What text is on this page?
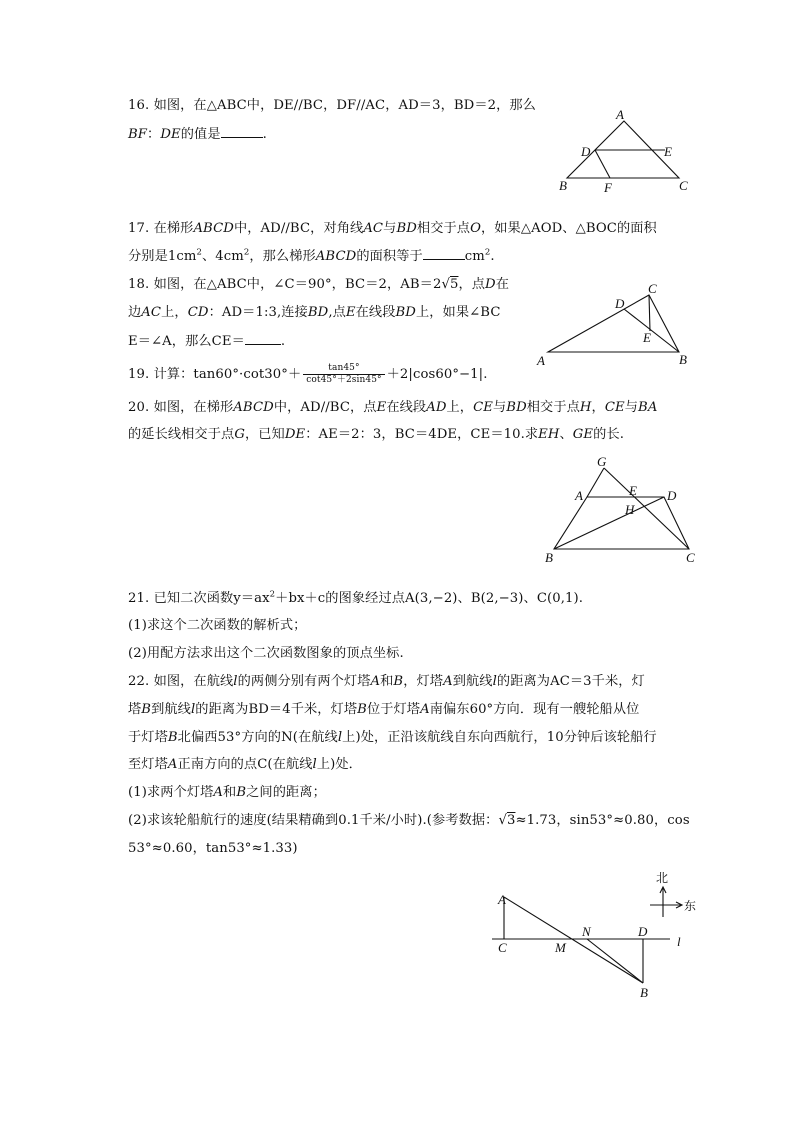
16. 如图，在△ABC中，DE//BC，DF//AC，AD＝3，BD＝2，那么
BF：DE的值是	.
A
D	E
B	F	C
17. 在梯形ABCD中，AD//BC，对角线AC与BD相交于点O，如果△AOD、△BOC的面积
分别是$1cm^2$、$4cm^2$，那么梯形ABCD的面积等于	$cm^2$.
18. 如图，在△ABC中，∠C＝90°，BC＝2，AB＝2√5，点D在
边AC上，CD：AD＝1:3,连接BD,点E在线段BD上，如果∠BC
E＝∠A，那么CE＝	.
C
D
E
A	B
19. 计算：$\tan 60^\circ\cdot\cot 30^\circ+ \frac{\tan 45^\circ}{\cot 45^\circ+2\sin 45^\circ} +2|\cos 60^\circ-1|$.
20. 如图，在梯形ABCD中，AD//BC，点E在线段AD上，CE与BD相交于点H，CE与BA
的延长线相交于点G，已知DE：AE＝2：3，BC＝4DE，CE＝10.求EH、GE的长.
G
A	E D
H
B	C
21. 已知二次函数$y=ax^2+bx+c$的图象经过点A(3,−2)、B(2,−3)、C(0,1).
(1)求这个二次函数的解析式；
(2)用配方法求出这个二次函数图象的顶点坐标.
22. 如图，在航线l的两侧分别有两个灯塔A和B，灯塔A到航线l的距离为AC＝3千米，灯
塔B到航线l的距离为BD＝4千米，灯塔B位于灯塔A南偏东60°方向．现有一艘轮船从位
于灯塔B北偏西53°方向的N(在航线l上)处，正沿该航线自东向西航行，10分钟后该轮船行
至灯塔A正南方向的点C(在航线l上)处．
(1)求两个灯塔A和B之间的距离；
(2)求该轮船航行的速度(结果精确到0.1千米/小时).(参考数据：√3≈1.73，sin53°≈0.80，cos
53°≈0.60，tan53°≈1.33)
北
东
A
C	M
N	D
l
B
